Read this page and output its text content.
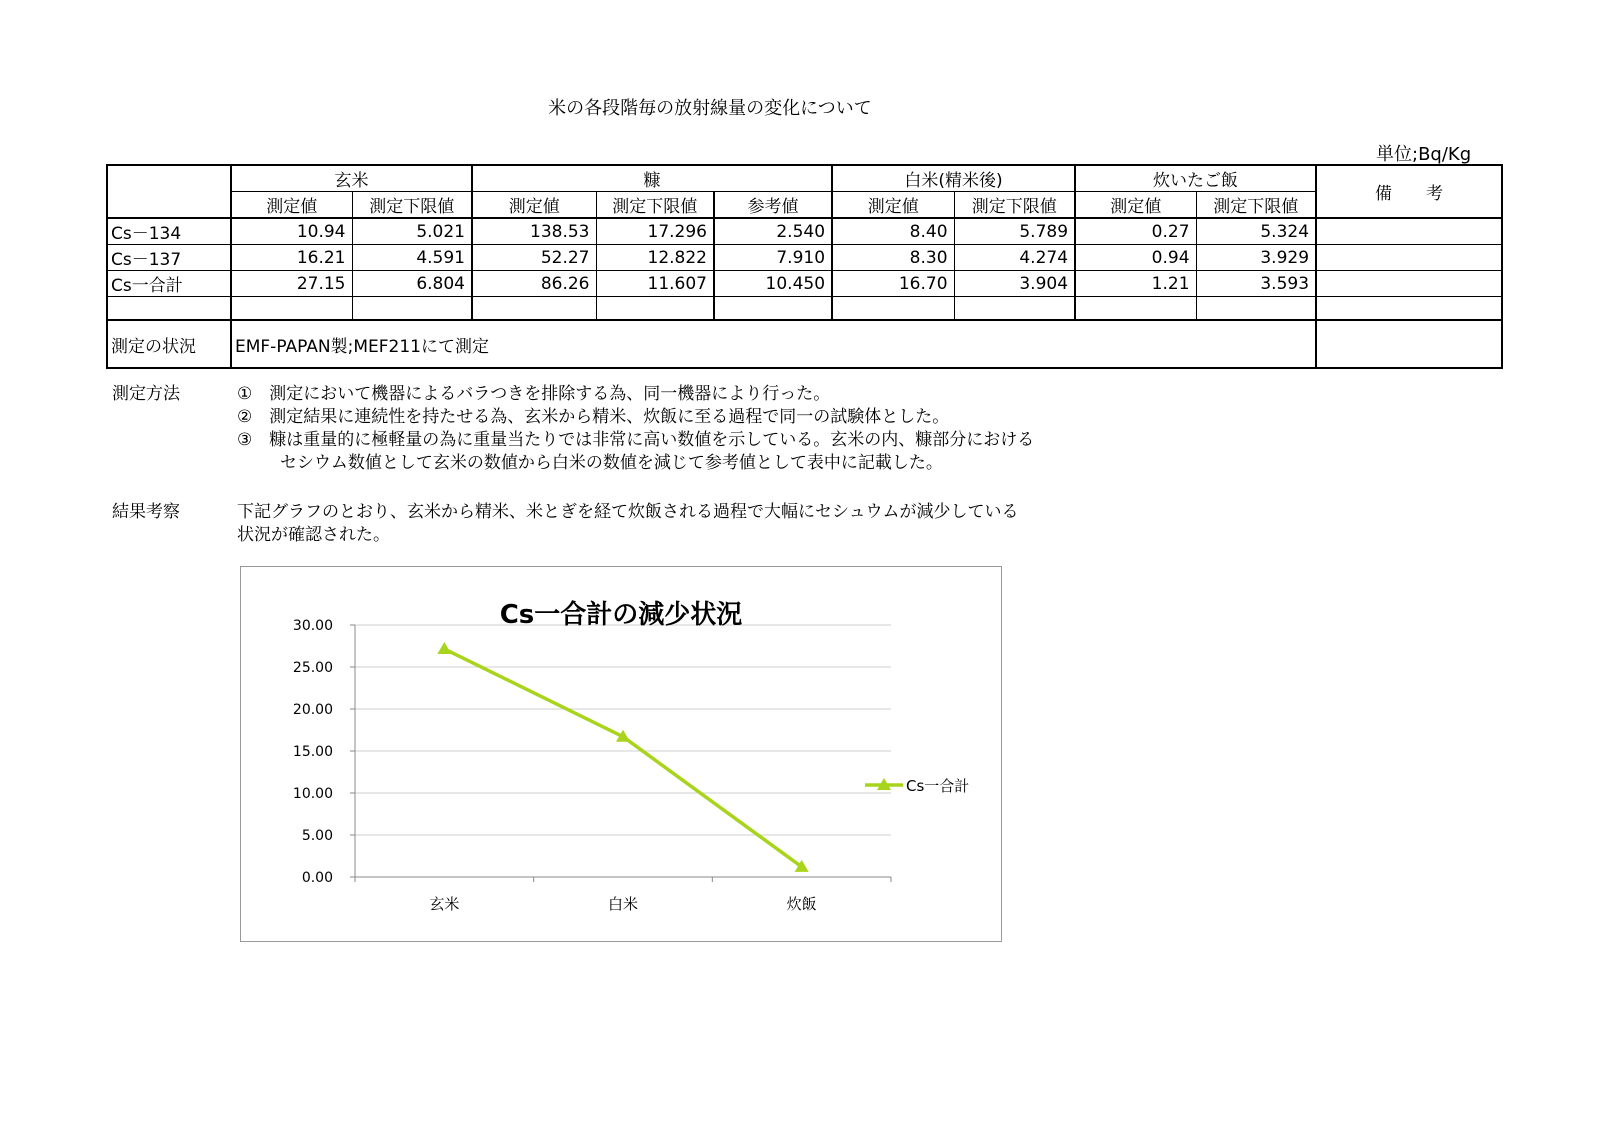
米の各段階毎の放射線量の変化について
単位;Bq/Kg
	玄米		糠			白米(精米後)		炊いたご飯		備　　考
	測定値	測定下限値	測定値	測定下限値	参考値	測定値	測定下限値	測定値	測定下限値	
Cs－134	10.94	5.021	138.53	17.296	2.540	8.40	5.789	0.27	5.324	
Cs－137	16.21	4.591	52.27	12.822	7.910	8.30	4.274	0.94	3.929	
Cs一合計	27.15	6.804	86.26	11.607	10.450	16.70	3.904	1.21	3.593	

測定の状況	EMF-PAPAN製;MEF211にて測定									
測定方法	①　測定において機器によるバラつきを排除する為、同一機器により行った。
②　測定結果に連続性を持たせる為、玄米から精米、炊飯に至る過程で同一の試験体とした。
③　糠は重量的に極軽量の為に重量当たりでは非常に高い数値を示している。玄米の内、糠部分における
セシウム数値として玄米の数値から白米の数値を減じて参考値として表中に記載した。
結果考察	下記グラフのとおり、玄米から精米、米とぎを経て炊飯される過程で大幅にセシュウムが減少している
状況が確認された。
0.00
5.00
10.00
15.00
20.00
25.00
30.00
玄米	白米	炊飯
Cs一合計の減少状況
Cs一合計
